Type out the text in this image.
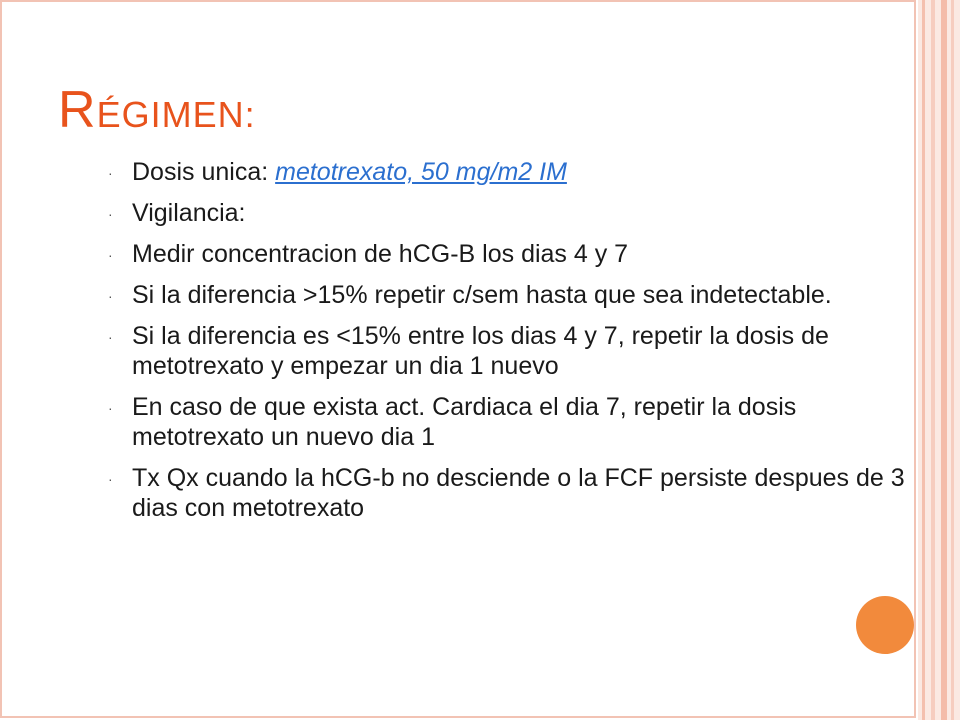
RÉGIMEN:
· Dosis unica: metotrexato, 50 mg/m2 IM
· Vigilancia:
· Medir concentracion de hCG-B los dias 4 y 7
· Si la diferencia >15% repetir c/sem hasta que sea indetectable.
· Si la diferencia es <15% entre los dias 4 y 7, repetir la dosis de metotrexato y empezar un dia 1 nuevo
· En caso de que exista act. Cardiaca el dia 7, repetir la dosis metotrexato un nuevo dia 1
· Tx Qx cuando la hCG-b no desciende o la FCF persiste despues de 3 dias con metotrexato
